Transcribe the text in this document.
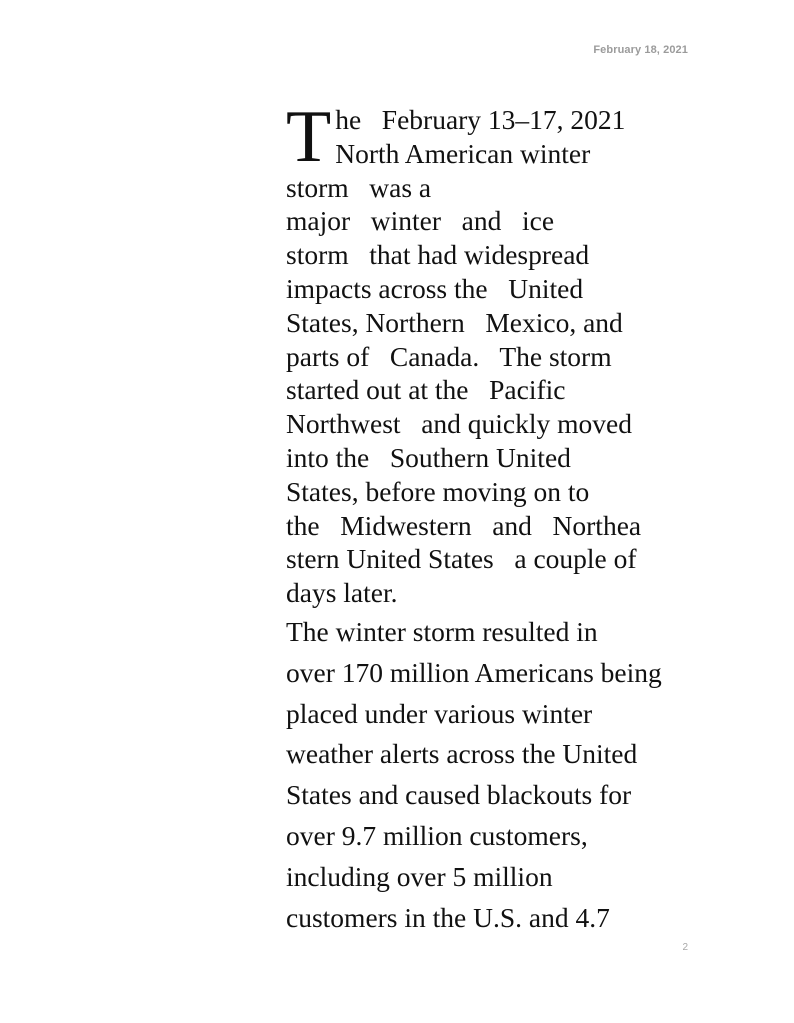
February 18, 2021
T he   February 13–17, 2021
North American winter
storm   was a
major   winter   and   ice
storm   that had widespread
impacts across the   United
States, Northern   Mexico, and
parts of   Canada.   The storm
started out at the   Pacific
Northwest   and quickly moved
into the   Southern United
States, before moving on to
the   Midwestern   and   Northea
stern United States   a couple of
days later.
The winter storm resulted in
over 170 million Americans being
placed under various winter
weather alerts across the United
States and caused blackouts for
over 9.7 million customers,
including over 5 million
customers in the U.S. and 4.7
2
